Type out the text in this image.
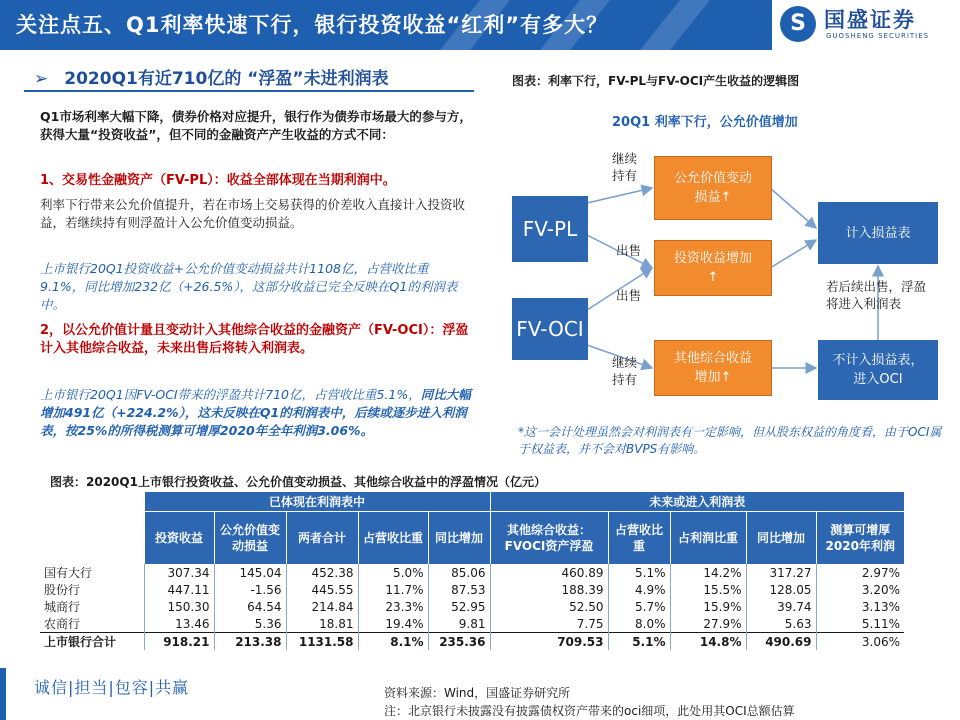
关注点五、Q1利率快速下行，银行投资收益“红利”有多大？	S 国盛证券
GUOSHENG SECURITIES
➢ 2020Q1有近710亿的 “浮盈”未进利润表
Q1市场利率大幅下降，债券价格对应提升，银行作为债券市场最大的参与方，获得大量“投资收益”，但不同的金融资产产生收益的方式不同：
1、交易性金融资产（FV-PL）：收益全部体现在当期利润中。
利率下行带来公允价值提升，若在市场上交易获得的价差收入直接计入投资收益，若继续持有则浮盈计入公允价值变动损益。
上市银行20Q1投资收益+公允价值变动损益共计1108亿，占营收比重9.1%，同比增加232亿（+26.5%），这部分收益已完全反映在Q1的利润表中。
2，以公允价值计量且变动计入其他综合收益的金融资产（FV-OCI）：浮盈计入其他综合收益，未来出售后将转入利润表。
上市银行20Q1因FV-OCI带来的浮盈共计710亿，占营收比重5.1%，同比大幅增加491亿（+224.2%），这未反映在Q1的利润表中，后续或逐步进入利润表，按25%的所得税测算可增厚2020年全年利润3.06%。
图表：利率下行，FV-PL与FV-OCI产生收益的逻辑图
20Q1 利率下行，公允价值增加
FV-PL
FV-OCI
公允价值变动损益↑
投资收益增加↑
其他综合收益增加↑
计入损益表
不计入损益表，进入OCI
继续持有
出售
出售
继续持有
若后续出售，浮盈将进入利润表
*这一会计处理虽然会对利润表有一定影响，但从股东权益的角度看，由于OCI属于权益表，并不会对BVPS有影响。
图表：2020Q1上市银行投资收益、公允价值变动损益、其他综合收益中的浮盈情况（亿元）
	已体现在利润表中					未来或进入利润表				
	投资收益	公允价值变动损益	两者合计	占营收比重	同比增加	其他综合收益：FVOCI资产浮盈	占营收比重	占利润比重	同比增加	测算可增厚2020年利润
国有大行	307.34	145.04	452.38	5.0%	85.06	460.89	5.1%	14.2%	317.27	2.97%
股份行	447.11	-1.56	445.55	11.7%	87.53	188.39	4.9%	15.5%	128.05	3.20%
城商行	150.30	64.54	214.84	23.3%	52.95	52.50	5.7%	15.9%	39.74	3.13%
农商行	13.46	5.36	18.81	19.4%	9.81	7.75	8.0%	27.9%	5.63	5.11%
上市银行合计	918.21	213.38	1131.58	8.1%	235.36	709.53	5.1%	14.8%	490.69	3.06%
诚信|担当|包容|共赢	资料来源：Wind，国盛证券研究所
注：北京银行未披露没有披露债权资产带来的oci细项，此处用其OCI总额估算
